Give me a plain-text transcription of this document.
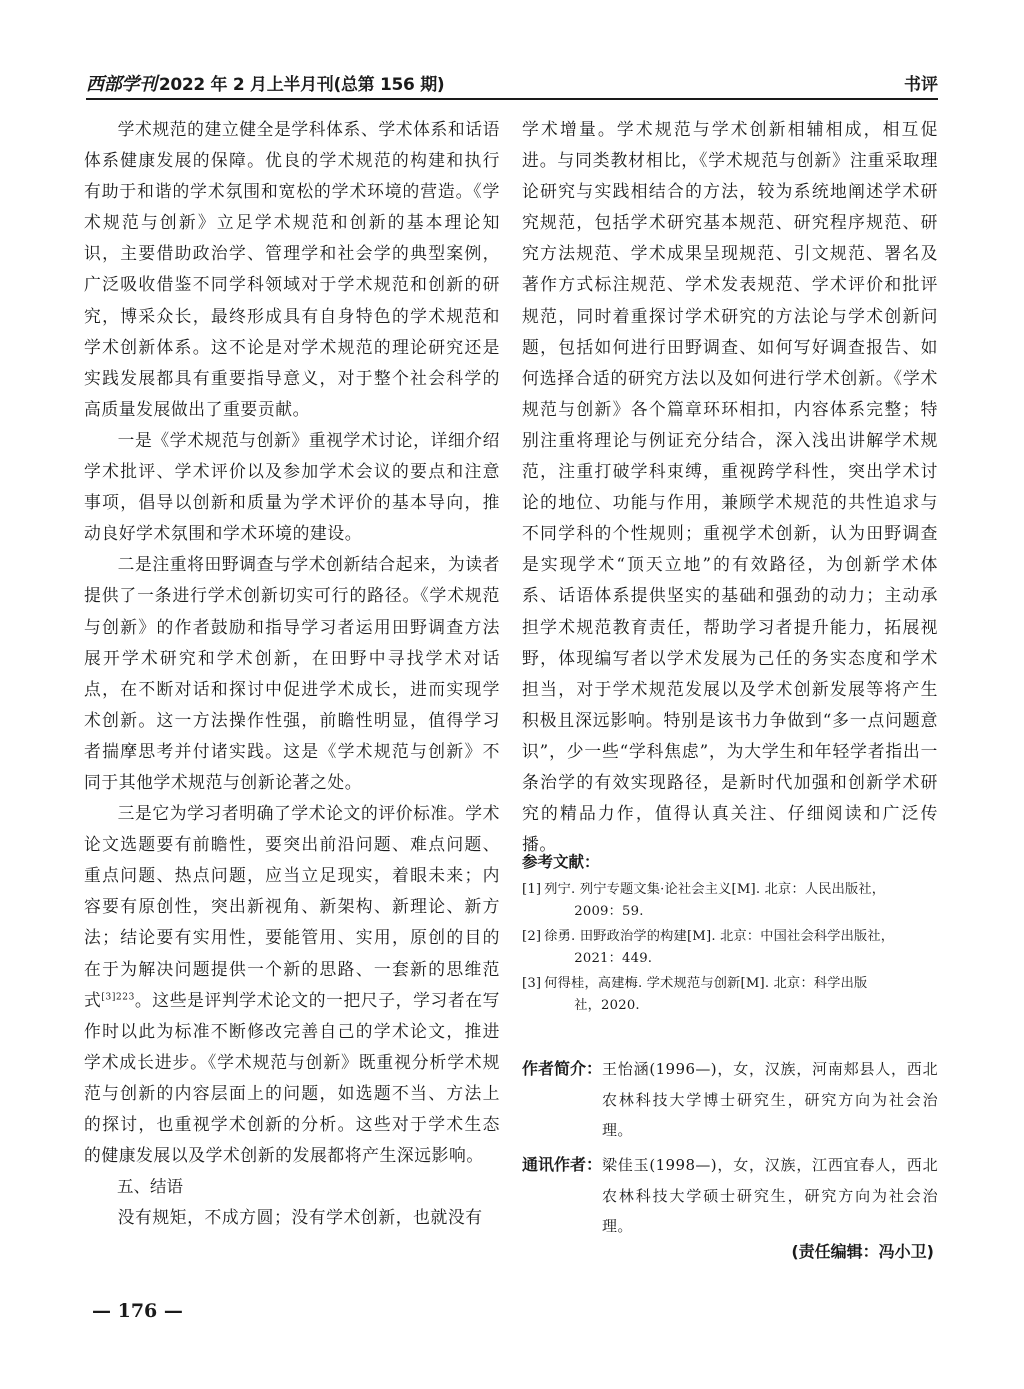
西部学刊 2022 年 2 月上半月刊(总第 156 期)	书评

学术规范的建立健全是学科体系、学术体系和话语体系健康发展的保障。优良的学术规范的构建和执行有助于和谐的学术氛围和宽松的学术环境的营造。《学术规范与创新》立足学术规范和创新的基本理论知识，主要借助政治学、管理学和社会学的典型案例，广泛吸收借鉴不同学科领域对于学术规范和创新的研究，博采众长，最终形成具有自身特色的学术规范和学术创新体系。这不论是对学术规范的理论研究还是实践发展都具有重要指导意义，对于整个社会科学的高质量发展做出了重要贡献。

一是《学术规范与创新》重视学术讨论，详细介绍学术批评、学术评价以及参加学术会议的要点和注意事项，倡导以创新和质量为学术评价的基本导向，推动良好学术氛围和学术环境的建设。

二是注重将田野调查与学术创新结合起来，为读者提供了一条进行学术创新切实可行的路径。《学术规范与创新》的作者鼓励和指导学习者运用田野调查方法展开学术研究和学术创新，在田野中寻找学术对话点，在不断对话和探讨中促进学术成长，进而实现学术创新。这一方法操作性强，前瞻性明显，值得学习者揣摩思考并付诸实践。这是《学术规范与创新》不同于其他学术规范与创新论著之处。

三是它为学习者明确了学术论文的评价标准。学术论文选题要有前瞻性，要突出前沿问题、难点问题、重点问题、热点问题，应当立足现实，着眼未来；内容要有原创性，突出新视角、新架构、新理论、新方法；结论要有实用性，要能管用、实用，原创的目的在于为解决问题提供一个新的思路、一套新的思维范式$^{[3]223}$。这些是评判学术论文的一把尺子，学习者在写作时以此为标准不断修改完善自己的学术论文，推进学术成长进步。《学术规范与创新》既重视分析学术规范与创新的内容层面上的问题，如选题不当、方法上的探讨，也重视学术创新的分析。这些对于学术生态的健康发展以及学术创新的发展都将产生深远影响。

五、结语

没有规矩，不成方圆；没有学术创新，也就没有

学术增量。学术规范与学术创新相辅相成，相互促进。与同类教材相比，《学术规范与创新》注重采取理论研究与实践相结合的方法，较为系统地阐述学术研究规范，包括学术研究基本规范、研究程序规范、研究方法规范、学术成果呈现规范、引文规范、署名及著作方式标注规范、学术发表规范、学术评价和批评规范，同时着重探讨学术研究的方法论与学术创新问题，包括如何进行田野调查、如何写好调查报告、如何选择合适的研究方法以及如何进行学术创新。《学术规范与创新》各个篇章环环相扣，内容体系完整；特别注重将理论与例证充分结合，深入浅出讲解学术规范，注重打破学科束缚，重视跨学科性，突出学术讨论的地位、功能与作用，兼顾学术规范的共性追求与不同学科的个性规则；重视学术创新，认为田野调查是实现学术“顶天立地”的有效路径，为创新学术体系、话语体系提供坚实的基础和强劲的动力；主动承担学术规范教育责任，帮助学习者提升能力，拓展视野，体现编写者以学术发展为己任的务实态度和学术担当，对于学术规范发展以及学术创新发展等将产生积极且深远影响。特别是该书力争做到“多一点问题意识”，少一些“学科焦虑”，为大学生和年轻学者指出一条治学的有效实现路径，是新时代加强和创新学术研究的精品力作，值得认真关注、仔细阅读和广泛传播。

参考文献：

[1] 列宁. 列宁专题文集·论社会主义[M]. 北京：人民出版社，
2009：59.
[2] 徐勇. 田野政治学的构建[M]. 北京：中国社会科学出版社，
2021：449.
[3] 何得桂，高建梅. 学术规范与创新[M]. 北京：科学出版
社，2020.
作者简介： 王怡涵(1996—)，女，汉族，河南郏县人，西北农林科技大学博士研究生，研究方向为社会治理。
通讯作者： 梁佳玉(1998—)，女，汉族，江西宜春人，西北农林科技大学硕士研究生，研究方向为社会治理。
(责任编辑：冯小卫)
— 176 —
